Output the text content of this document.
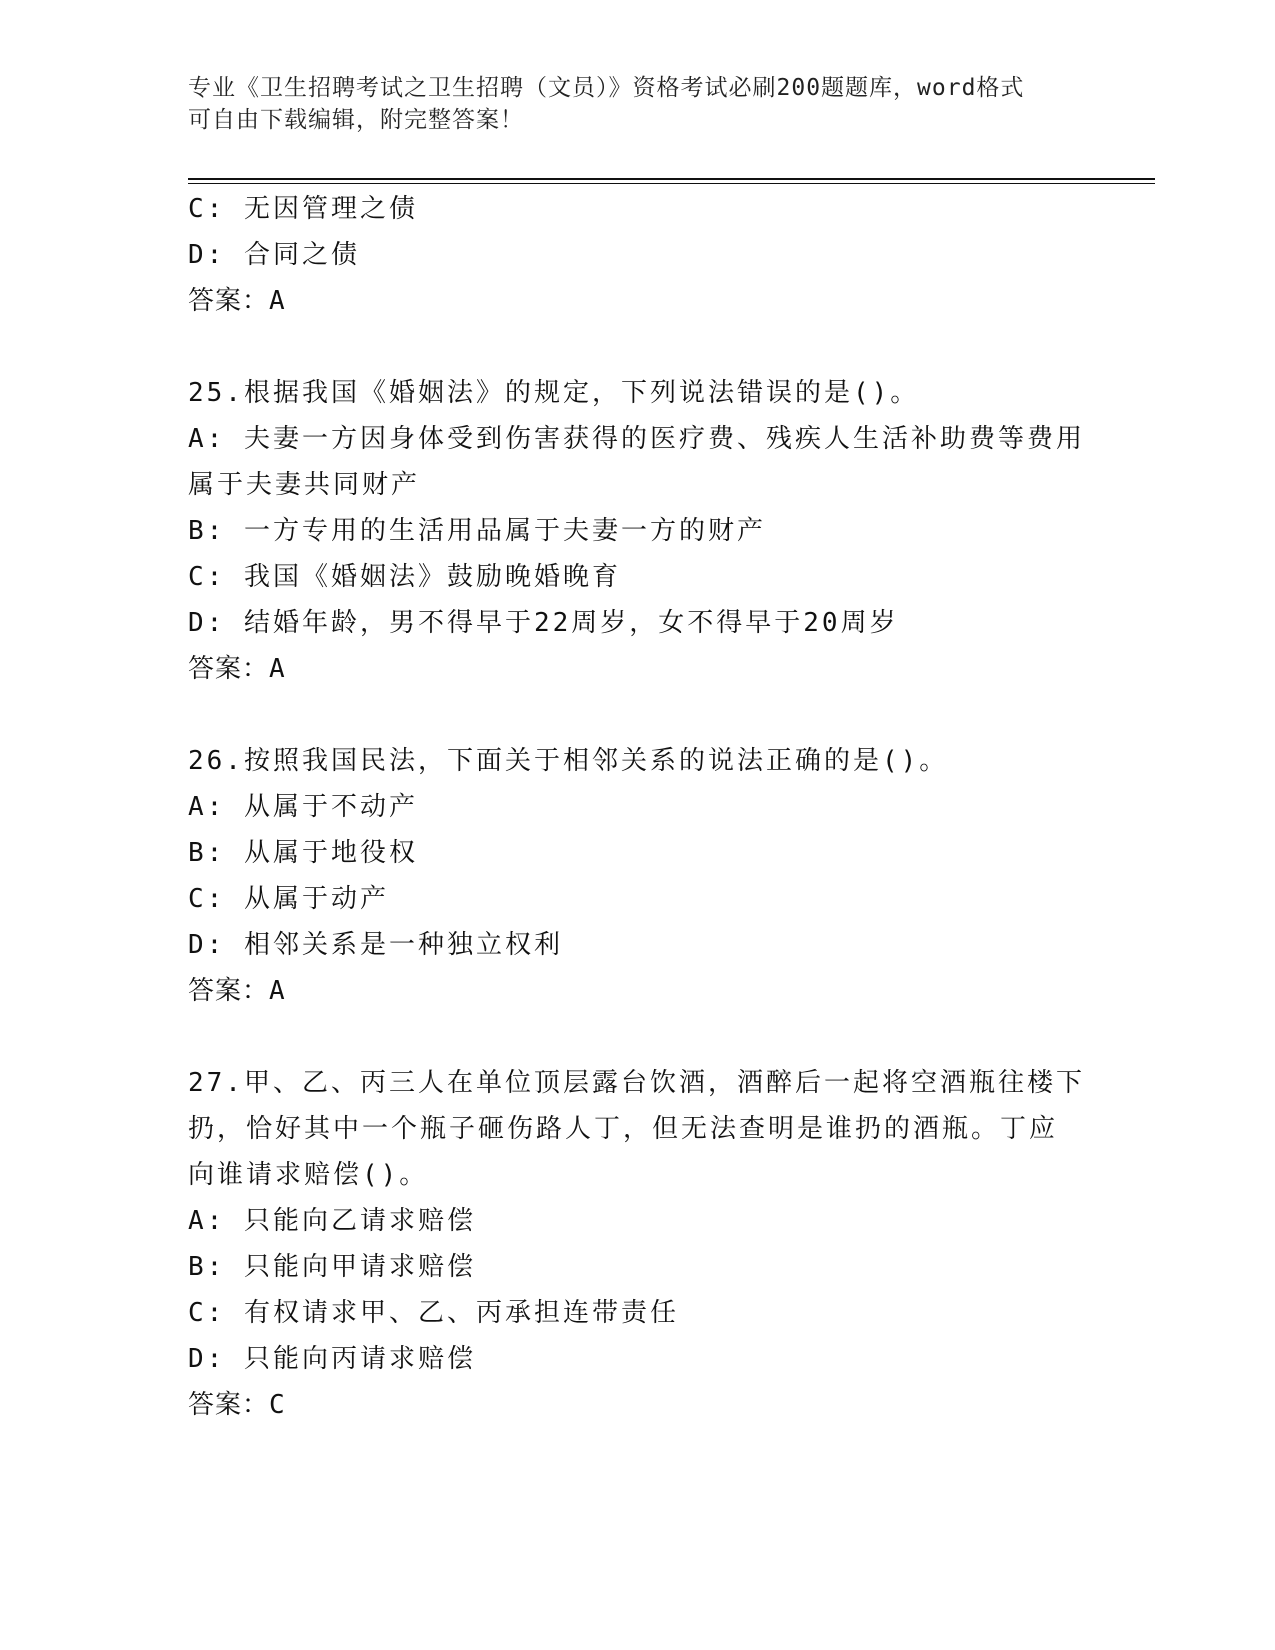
专业《卫生招聘考试之卫生招聘（文员）》资格考试必刷200题题库，word格式
可自由下载编辑，附完整答案！
C: 无因管理之债
D: 合同之债
答案：A
25.根据我国《婚姻法》的规定，下列说法错误的是()。
A: 夫妻一方因身体受到伤害获得的医疗费、残疾人生活补助费等费用
属于夫妻共同财产
B: 一方专用的生活用品属于夫妻一方的财产
C: 我国《婚姻法》鼓励晚婚晚育
D: 结婚年龄，男不得早于22周岁，女不得早于20周岁
答案：A
26.按照我国民法，下面关于相邻关系的说法正确的是()。
A: 从属于不动产
B: 从属于地役权
C: 从属于动产
D: 相邻关系是一种独立权利
答案：A
27.甲、乙、丙三人在单位顶层露台饮酒，酒醉后一起将空酒瓶往楼下
扔，恰好其中一个瓶子砸伤路人丁，但无法查明是谁扔的酒瓶。丁应
向谁请求赔偿()。
A: 只能向乙请求赔偿
B: 只能向甲请求赔偿
C: 有权请求甲、乙、丙承担连带责任
D: 只能向丙请求赔偿
答案：C
